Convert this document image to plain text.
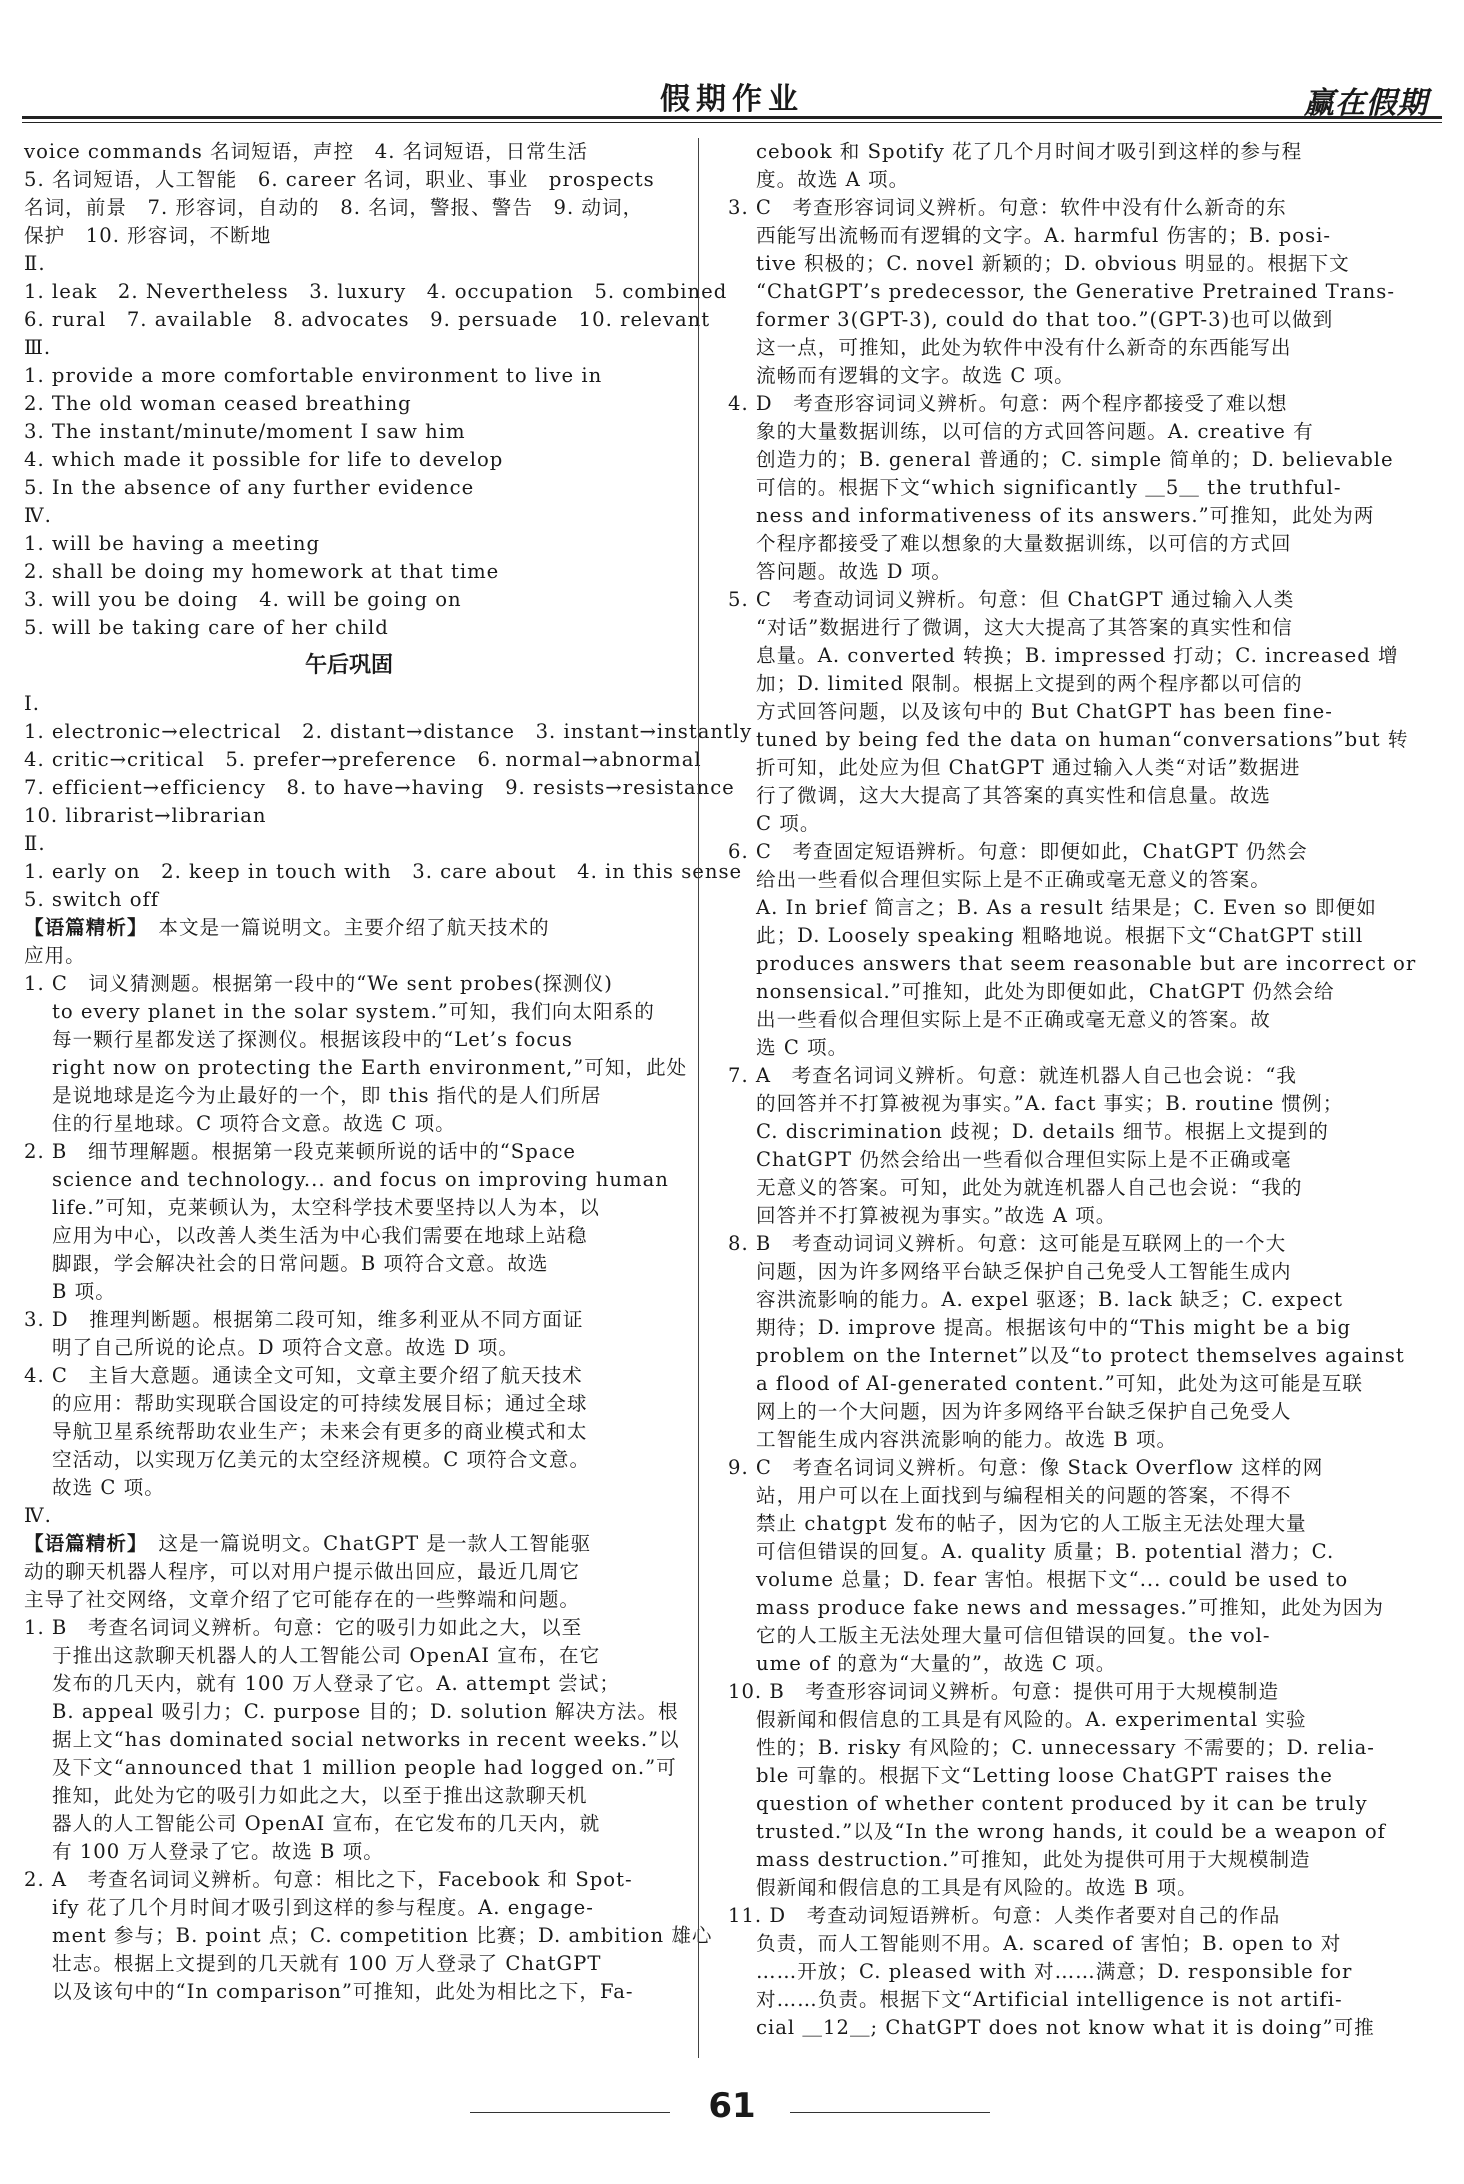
假期作业	赢在假期
voice commands 名词短语，声控　4. 名词短语，日常生活
5. 名词短语，人工智能　6. career 名词，职业、事业　prospects
名词，前景　7. 形容词，自动的　8. 名词，警报、警告　9. 动词，
保护　10. 形容词，不断地
Ⅱ.
1. leak　2. Nevertheless　3. luxury　4. occupation　5. combined
6. rural　7. available　8. advocates　9. persuade　10. relevant
Ⅲ.
1. provide a more comfortable environment to live in
2. The old woman ceased breathing
3. The instant/minute/moment I saw him
4. which made it possible for life to develop
5. In the absence of any further evidence
Ⅳ.
1. will be having a meeting
2. shall be doing my homework at that time
3. will you be doing　4. will be going on
5. will be taking care of her child
午后巩固
Ⅰ.
1. electronic→electrical　2. distant→distance　3. instant→instantly
4. critic→critical　5. prefer→preference　6. normal→abnormal
7. efficient→efficiency　8. to have→having　9. resists→resistance
10. librarist→librarian
Ⅱ.
1. early on　2. keep in touch with　3. care about　4. in this sense
5. switch off
【语篇精析】　本文是一篇说明文。主要介绍了航天技术的
应用。
1. C　词义猜测题。根据第一段中的“We sent probes(探测仪)
to every planet in the solar system.”可知，我们向太阳系的
每一颗行星都发送了探测仪。根据该段中的“Let’s focus
right now on protecting the Earth environment,”可知，此处
是说地球是迄今为止最好的一个，即 this 指代的是人们所居
住的行星地球。C 项符合文意。故选 C 项。
2. B　细节理解题。根据第一段克莱顿所说的话中的“Space
science and technology... and focus on improving human
life.”可知，克莱顿认为，太空科学技术要坚持以人为本，以
应用为中心，以改善人类生活为中心我们需要在地球上站稳
脚跟，学会解决社会的日常问题。B 项符合文意。故选
B 项。
3. D　推理判断题。根据第二段可知，维多利亚从不同方面证
明了自己所说的论点。D 项符合文意。故选 D 项。
4. C　主旨大意题。通读全文可知，文章主要介绍了航天技术
的应用：帮助实现联合国设定的可持续发展目标；通过全球
导航卫星系统帮助农业生产；未来会有更多的商业模式和太
空活动，以实现万亿美元的太空经济规模。C 项符合文意。
故选 C 项。
Ⅳ.
【语篇精析】　这是一篇说明文。ChatGPT 是一款人工智能驱
动的聊天机器人程序，可以对用户提示做出回应，最近几周它
主导了社交网络，文章介绍了它可能存在的一些弊端和问题。
1. B　考查名词词义辨析。句意：它的吸引力如此之大，以至
于推出这款聊天机器人的人工智能公司 OpenAI 宣布，在它
发布的几天内，就有 100 万人登录了它。A. attempt 尝试；
B. appeal 吸引力；C. purpose 目的；D. solution 解决方法。根
据上文“has dominated social networks in recent weeks.”以
及下文“announced that 1 million people had logged on.”可
推知，此处为它的吸引力如此之大，以至于推出这款聊天机
器人的人工智能公司 OpenAI 宣布，在它发布的几天内，就
有 100 万人登录了它。故选 B 项。
2. A　考查名词词义辨析。句意：相比之下，Facebook 和 Spot-
ify 花了几个月时间才吸引到这样的参与程度。A. engage-
ment 参与；B. point 点；C. competition 比赛；D. ambition 雄心
壮志。根据上文提到的几天就有 100 万人登录了 ChatGPT
以及该句中的“In comparison”可推知，此处为相比之下，Fa-
cebook 和 Spotify 花了几个月时间才吸引到这样的参与程
度。故选 A 项。
3. C　考查形容词词义辨析。句意：软件中没有什么新奇的东
西能写出流畅而有逻辑的文字。A. harmful 伤害的；B. posi-
tive 积极的；C. novel 新颖的；D. obvious 明显的。根据下文
“ChatGPT’s predecessor, the Generative Pretrained Trans-
former 3(GPT-3), could do that too.”(GPT-3)也可以做到
这一点，可推知，此处为软件中没有什么新奇的东西能写出
流畅而有逻辑的文字。故选 C 项。
4. D　考查形容词词义辨析。句意：两个程序都接受了难以想
象的大量数据训练，以可信的方式回答问题。A. creative 有
创造力的；B. general 普通的；C. simple 简单的；D. believable
可信的。根据下文“which significantly ＿5＿ the truthful-
ness and informativeness of its answers.”可推知，此处为两
个程序都接受了难以想象的大量数据训练，以可信的方式回
答问题。故选 D 项。
5. C　考查动词词义辨析。句意：但 ChatGPT 通过输入人类
“对话”数据进行了微调，这大大提高了其答案的真实性和信
息量。A. converted 转换；B. impressed 打动；C. increased 增
加；D. limited 限制。根据上文提到的两个程序都以可信的
方式回答问题，以及该句中的 But ChatGPT has been fine-
tuned by being fed the data on human“conversations”but 转
折可知，此处应为但 ChatGPT 通过输入人类“对话”数据进
行了微调，这大大提高了其答案的真实性和信息量。故选
C 项。
6. C　考查固定短语辨析。句意：即便如此，ChatGPT 仍然会
给出一些看似合理但实际上是不正确或毫无意义的答案。
A. In brief 简言之；B. As a result 结果是；C. Even so 即便如
此；D. Loosely speaking 粗略地说。根据下文“ChatGPT still
produces answers that seem reasonable but are incorrect or
nonsensical.”可推知，此处为即便如此，ChatGPT 仍然会给
出一些看似合理但实际上是不正确或毫无意义的答案。故
选 C 项。
7. A　考查名词词义辨析。句意：就连机器人自己也会说：“我
的回答并不打算被视为事实。”A. fact 事实；B. routine 惯例；
C. discrimination 歧视；D. details 细节。根据上文提到的
ChatGPT 仍然会给出一些看似合理但实际上是不正确或毫
无意义的答案。可知，此处为就连机器人自己也会说：“我的
回答并不打算被视为事实。”故选 A 项。
8. B　考查动词词义辨析。句意：这可能是互联网上的一个大
问题，因为许多网络平台缺乏保护自己免受人工智能生成内
容洪流影响的能力。A. expel 驱逐；B. lack 缺乏；C. expect
期待；D. improve 提高。根据该句中的“This might be a big
problem on the Internet”以及“to protect themselves against
a flood of AI-generated content.”可知，此处为这可能是互联
网上的一个大问题，因为许多网络平台缺乏保护自己免受人
工智能生成内容洪流影响的能力。故选 B 项。
9. C　考查名词词义辨析。句意：像 Stack Overflow 这样的网
站，用户可以在上面找到与编程相关的问题的答案，不得不
禁止 chatgpt 发布的帖子，因为它的人工版主无法处理大量
可信但错误的回复。A. quality 质量；B. potential 潜力；C.
volume 总量；D. fear 害怕。根据下文“... could be used to
mass produce fake news and messages.”可推知，此处为因为
它的人工版主无法处理大量可信但错误的回复。the vol-
ume of 的意为“大量的”，故选 C 项。
10. B　考查形容词词义辨析。句意：提供可用于大规模制造
假新闻和假信息的工具是有风险的。A. experimental 实验
性的；B. risky 有风险的；C. unnecessary 不需要的；D. relia-
ble 可靠的。根据下文“Letting loose ChatGPT raises the
question of whether content produced by it can be truly
trusted.”以及“In the wrong hands, it could be a weapon of
mass destruction.”可推知，此处为提供可用于大规模制造
假新闻和假信息的工具是有风险的。故选 B 项。
11. D　考查动词短语辨析。句意：人类作者要对自己的作品
负责，而人工智能则不用。A. scared of 害怕；B. open to 对
……开放；C. pleased with 对……满意；D. responsible for
对……负责。根据下文“Artificial intelligence is not artifi-
cial ＿12＿; ChatGPT does not know what it is doing”可推
61
